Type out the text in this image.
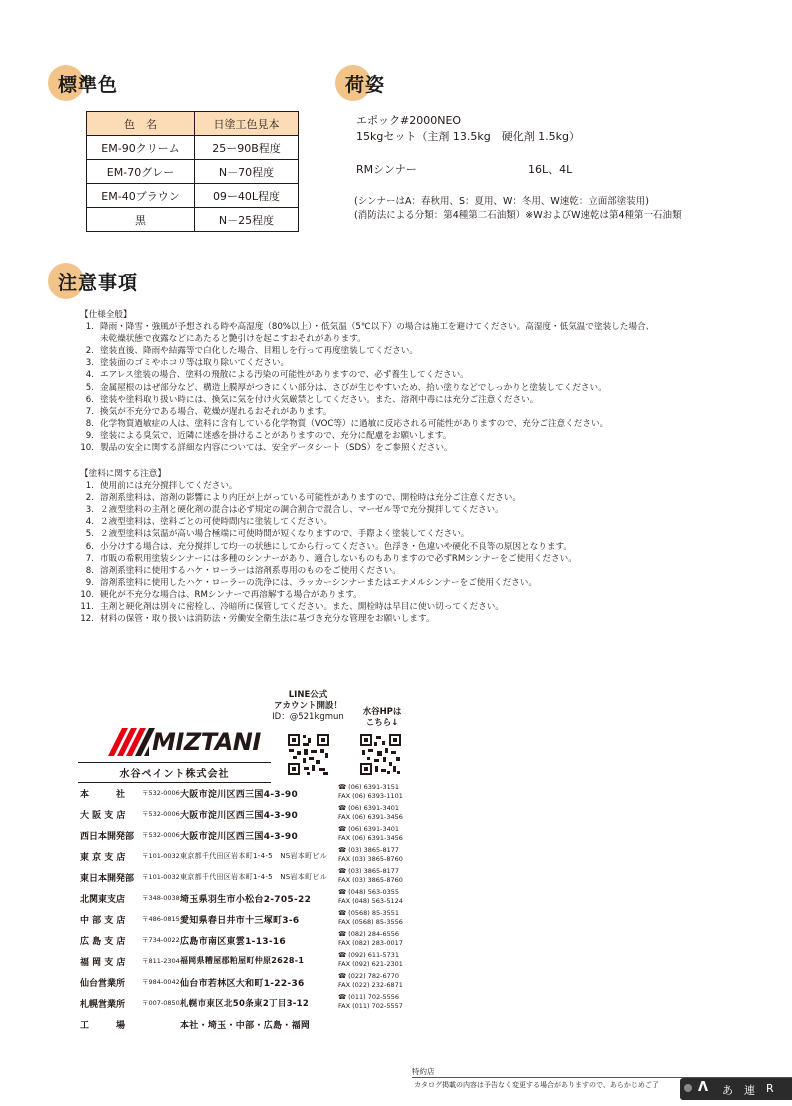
標準色	荷姿
色　名	日塗工色見本
EM-90クリーム	25ー90B程度
EM-70グレー	N－70程度
EM-40ブラウン	09ー40L程度
黒	N－25程度
エポック#2000NEO
15kgセット（主剤 13.5kg　硬化剤 1.5kg）
RMシンナー	16L、4L
(シンナーはA：春秋用、S：夏用、W：冬用、W速乾：立面部塗装用)
(消防法による分類：第4種第二石油類）※WおよびW速乾は第4種第一石油類
注意事項
【仕様全般】
1. 降雨・降雪・強風が予想される時や高湿度（80%以上）・低気温（5℃以下）の場合は施工を避けてください。高湿度・低気温で塗装した場合、
未乾燥状態で夜露などにあたると艶引けを起こすおそれがあります。
2. 塗装直後、降雨や結露等で白化した場合、目粗しを行って再度塗装してください。
3. 塗装面のゴミやホコリ等は取り除いてください。
4. エアレス塗装の場合、塗料の飛散による汚染の可能性がありますので、必ず養生してください。
5. 金属屋根のはぜ部分など、構造上膜厚がつきにくい部分は、さびが生じやすいため、拾い塗りなどでしっかりと塗装してください。
6. 塗装や塗料取り扱い時には、換気に気を付け火気厳禁としてください。また、溶剤中毒には充分ご注意ください。
7. 換気が不充分である場合、乾燥が遅れるおそれがあります。
8. 化学物質過敏症の人は、塗料に含有している化学物質（VOC等）に過敏に反応される可能性がありますので、充分ご注意ください。
9. 塗装による臭気で、近隣に迷惑を掛けることがありますので、充分に配慮をお願いします。
10. 製品の安全に関する詳細な内容については、安全データシート（SDS）をご参照ください。
【塗料に関する注意】
1. 使用前には充分撹拌してください。
2. 溶剤系塗料は、溶剤の影響により内圧が上がっている可能性がありますので、開栓時は充分ご注意ください。
3. ２液型塗料の主剤と硬化剤の混合は必ず規定の調合割合で混合し、マーゼル等で充分撹拌してください。
4. ２液型塗料は、塗料ごとの可使時間内に塗装してください。
5. ２液型塗料は気温が高い場合極端に可使時間が短くなりますので、手際よく塗装してください。
6. 小分けする場合は、充分撹拌して均一の状態にしてから行ってください。色浮き・色違いや硬化不良等の原因となります。
7. 市販の希釈用塗装シンナーには多種のシンナーがあり、適合しないものもありますので必ずRMシンナーをご使用ください。
8. 溶剤系塗料に使用するハケ・ローラーは溶剤系専用のものをご使用ください。
9. 溶剤系塗料に使用したハケ・ローラーの洗浄には、ラッカーシンナーまたはエナメルシンナーをご使用ください。
10. 硬化が不充分な場合は、RMシンナーで再溶解する場合があります。
11. 主剤と硬化剤は別々に密栓し、冷暗所に保管してください。また、開栓時は早目に使い切ってください。
12. 材料の保管・取り扱いは消防法・労働安全衛生法に基づき充分な管理をお願いします。
MIZTANI
水谷ペイント株式会社
LINE公式
アカウント開設！
ID：@521kgmun	水谷HPは
こちら↓
本　　　社	〒532-0006 大阪市淀川区西三国4-3-90
☎ (06) 6391-3151
FAX (06) 6393-1101
大 阪 支 店	〒532-0006 大阪市淀川区西三国4-3-90
☎ (06) 6391-3401
FAX (06) 6391-3456
西日本開発部 〒532-0006 大阪市淀川区西三国4-3-90
☎ (06) 6391-3401
FAX (06) 6391-3456
東 京 支 店	〒101-0032 東京都千代田区岩本町1-4-5　NS岩本町ビル
☎ (03) 3865-8177
FAX (03) 3865-8760
東日本開発部 〒101-0032 東京都千代田区岩本町1-4-5　NS岩本町ビル
☎ (03) 3865-8177
FAX (03) 3865-8760
北関東支店	〒348-0038 埼玉県羽生市小松台2-705-22
☎ (048) 563-0355
FAX (048) 563-5124
中 部 支 店	〒486-0815 愛知県春日井市十三塚町3-6
☎ (0568) 85-3551
FAX (0568) 85-3556
広 島 支 店	〒734-0022 広島市南区東雲1-13-16
☎ (082) 284-6556
FAX (082) 283-0017
福 岡 支 店	〒811-2304 福岡県糟屋郡粕屋町仲原2628-1
☎ (092) 611-5731
FAX (092) 621-2301
仙台営業所	〒984-0042 仙台市若林区大和町1-22-36
☎ (022) 782-6770
FAX (022) 232-6871
札幌営業所	〒007-0850 札幌市東区北50条東2丁目3-12
☎ (011) 702-5556
FAX (011) 702-5557
工　　　場	本社・埼玉・中部・広島・福岡
特約店
カタログ掲載の内容は予告なく変更する場合がありますので、あらかじめご了	Λ あ 連 R
